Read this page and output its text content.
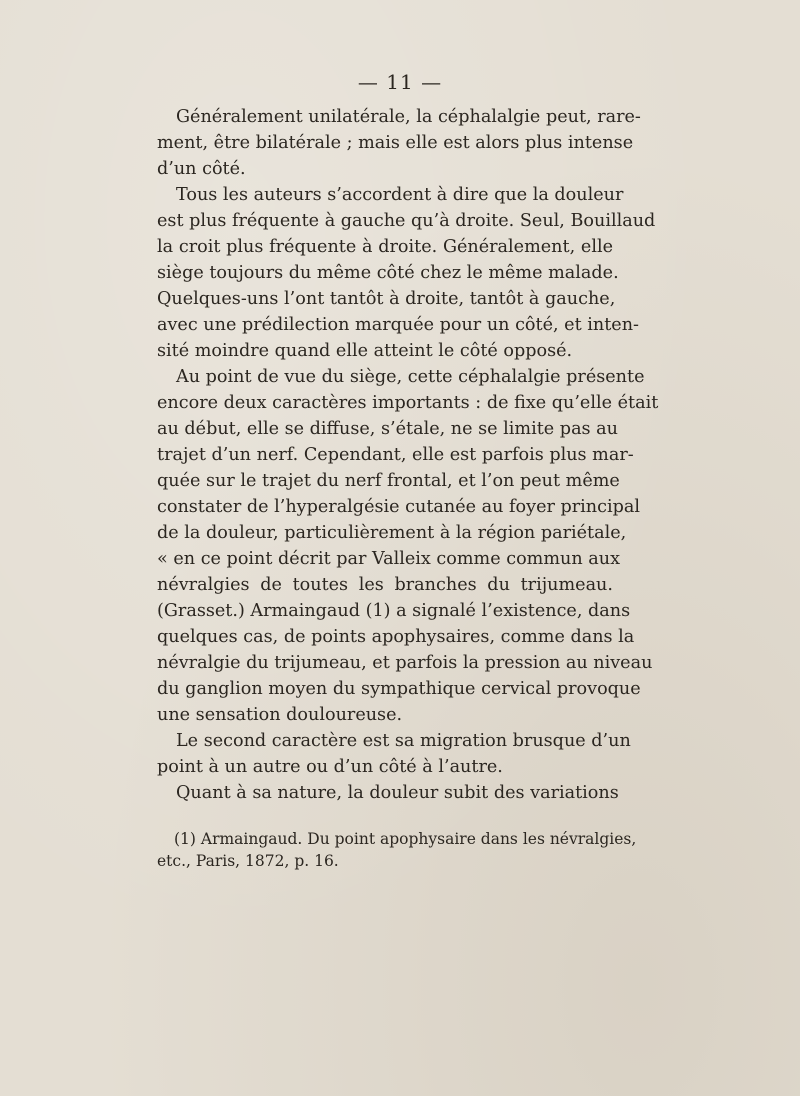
— 11 —

Généralement unilatérale, la céphalalgie peut, rare-
ment, être bilatérale ; mais elle est alors plus intense
d’un côté.

Tous les auteurs s’accordent à dire que la douleur
est plus fréquente à gauche qu’à droite. Seul, Bouillaud
la croit plus fréquente à droite. Généralement, elle
siège toujours du même côté chez le même malade.
Quelques-uns l’ont tantôt à droite, tantôt à gauche,
avec une prédilection marquée pour un côté, et inten-
sité moindre quand elle atteint le côté opposé.

Au point de vue du siège, cette céphalalgie présente
encore deux caractères importants : de fixe qu’elle était
au début, elle se diffuse, s’étale, ne se limite pas au
trajet d’un nerf. Cependant, elle est parfois plus mar-
quée sur le trajet du nerf frontal, et l’on peut même
constater de l’hyperalgésie cutanée au foyer principal
de la douleur, particulièrement à la région pariétale,
« en ce point décrit par Valleix comme commun aux
névralgies de toutes les branches du trijumeau.
(Grasset.) Armaingaud (1) a signalé l’existence, dans
quelques cas, de points apophysaires, comme dans la
névralgie du trijumeau, et parfois la pression au niveau
du ganglion moyen du sympathique cervical provoque
une sensation douloureuse.

Le second caractère est sa migration brusque d’un
point à un autre ou d’un côté à l’autre.

Quant à sa nature, la douleur subit des variations

(1) Armaingaud. Du point apophysaire dans les névralgies,
etc., Paris, 1872, p. 16.
